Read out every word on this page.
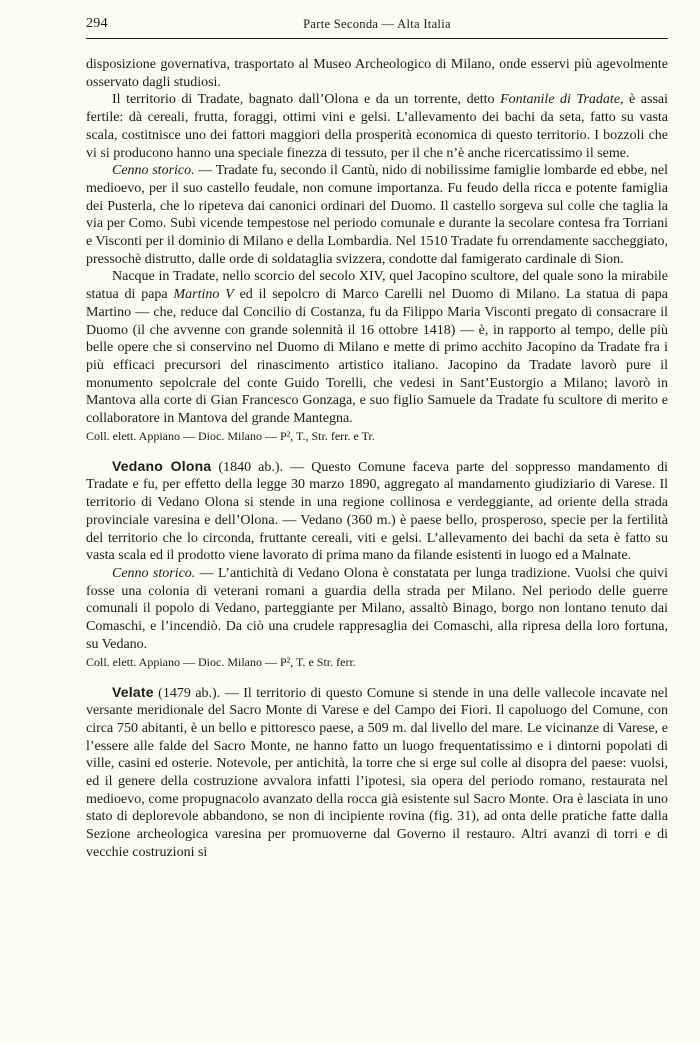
294	Parte Seconda — Alta Italia

disposizione governativa, trasportato al Museo Archeologico di Milano, onde esservi più agevolmente osservato dagli studiosi.

Il territorio di Tradate, bagnato dall’Olona e da un torrente, detto Fontanile di Tradate, è assai fertile: dà cereali, frutta, foraggi, ottimi vini e gelsi. L’allevamento dei bachi da seta, fatto su vasta scala, costitnisce uno dei fattori maggiori della prosperità economica di questo territorio. I bozzoli che vi si producono hanno una speciale finezza di tessuto, per il che n’è anche ricercatissimo il seme.

Cenno storico. — Tradate fu, secondo il Cantù, nido di nobilissime famiglie lombarde ed ebbe, nel medioevo, per il suo castello feudale, non comune importanza. Fu feudo della ricca e potente famiglia dei Pusterla, che lo ripeteva dai canonici ordinari del Duomo. Il castello sorgeva sul colle che taglia la via per Como. Subì vicende tempestose nel periodo comunale e durante la secolare contesa fra Torriani e Visconti per il dominio di Milano e della Lombardia. Nel 1510 Tradate fu orrendamente saccheggiato, pressochè distrutto, dalle orde di soldataglia svizzera, condotte dal famigerato cardinale di Sion.

Nacque in Tradate, nello scorcio del secolo XIV, quel Jacopino scultore, del quale sono la mirabile statua di papa Martino V ed il sepolcro di Marco Carelli nel Duomo di Milano. La statua di papa Martino — che, reduce dal Concilio di Costanza, fu da Filippo Maria Visconti pregato di consacrare il Duomo (il che avvenne con grande solennità il 16 ottobre 1418) — è, in rapporto al tempo, delle più belle opere che si conservino nel Duomo di Milano e mette di primo acchito Jacopino da Tradate fra i più efficaci precursori del rinascimento artistico italiano. Jacopino da Tradate lavorò pure il monumento sepolcrale del conte Guido Torelli, che vedesi in Sant’Eustorgio a Milano; lavorò in Mantova alla corte di Gian Francesco Gonzaga, e suo figlio Samuele da Tradate fu scultore di merito e collaboratore in Mantova del grande Mantegna.

Coll. elett. Appiano — Dioc. Milano — P², T., Str. ferr. e Tr.

Vedano Olona (1840 ab.). — Questo Comune faceva parte del soppresso mandamento di Tradate e fu, per effetto della legge 30 marzo 1890, aggregato al mandamento giudiziario di Varese. Il territorio di Vedano Olona si stende in una regione collinosa e verdeggiante, ad oriente della strada provinciale varesina e dell’Olona. — Vedano (360 m.) è paese bello, prosperoso, specie per la fertilità del territorio che lo circonda, fruttante cereali, viti e gelsi. L’allevamento dei bachi da seta è fatto su vasta scala ed il prodotto viene lavorato di prima mano da filande esistenti in luogo ed a Malnate.

Cenno storico. — L’antichità di Vedano Olona è constatata per lunga tradizione. Vuolsi che quivi fosse una colonia di veterani romani a guardia della strada per Milano. Nel periodo delle guerre comunali il popolo di Vedano, parteggiante per Milano, assaltò Binago, borgo non lontano tenuto dai Comaschi, e l’incendiò. Da ciò una crudele rappresaglia dei Comaschi, alla ripresa della loro fortuna, su Vedano.

Coll. elett. Appiano — Dioc. Milano — P², T. e Str. ferr.

Velate (1479 ab.). — Il territorio di questo Comune si stende in una delle vallecole incavate nel versante meridionale del Sacro Monte di Varese e del Campo dei Fiori. Il capoluogo del Comune, con circa 750 abitanti, è un bello e pittoresco paese, a 509 m. dal livello del mare. Le vicinanze di Varese, e l’essere alle falde del Sacro Monte, ne hanno fatto un luogo frequentatissimo e i dintorni popolati di ville, casini ed osterie. Notevole, per antichità, la torre che si erge sul colle al disopra del paese: vuolsi, ed il genere della costruzione avvalora infatti l’ipotesi, sia opera del periodo romano, restaurata nel medioevo, come propugnacolo avanzato della rocca già esistente sul Sacro Monte. Ora è lasciata in uno stato di deplorevole abbandono, se non di incipiente rovina (fig. 31), ad onta delle pratiche fatte dalla Sezione archeologica varesina per promuoverne dal Governo il restauro. Altri avanzi di torri e di vecchie costruzioni si
